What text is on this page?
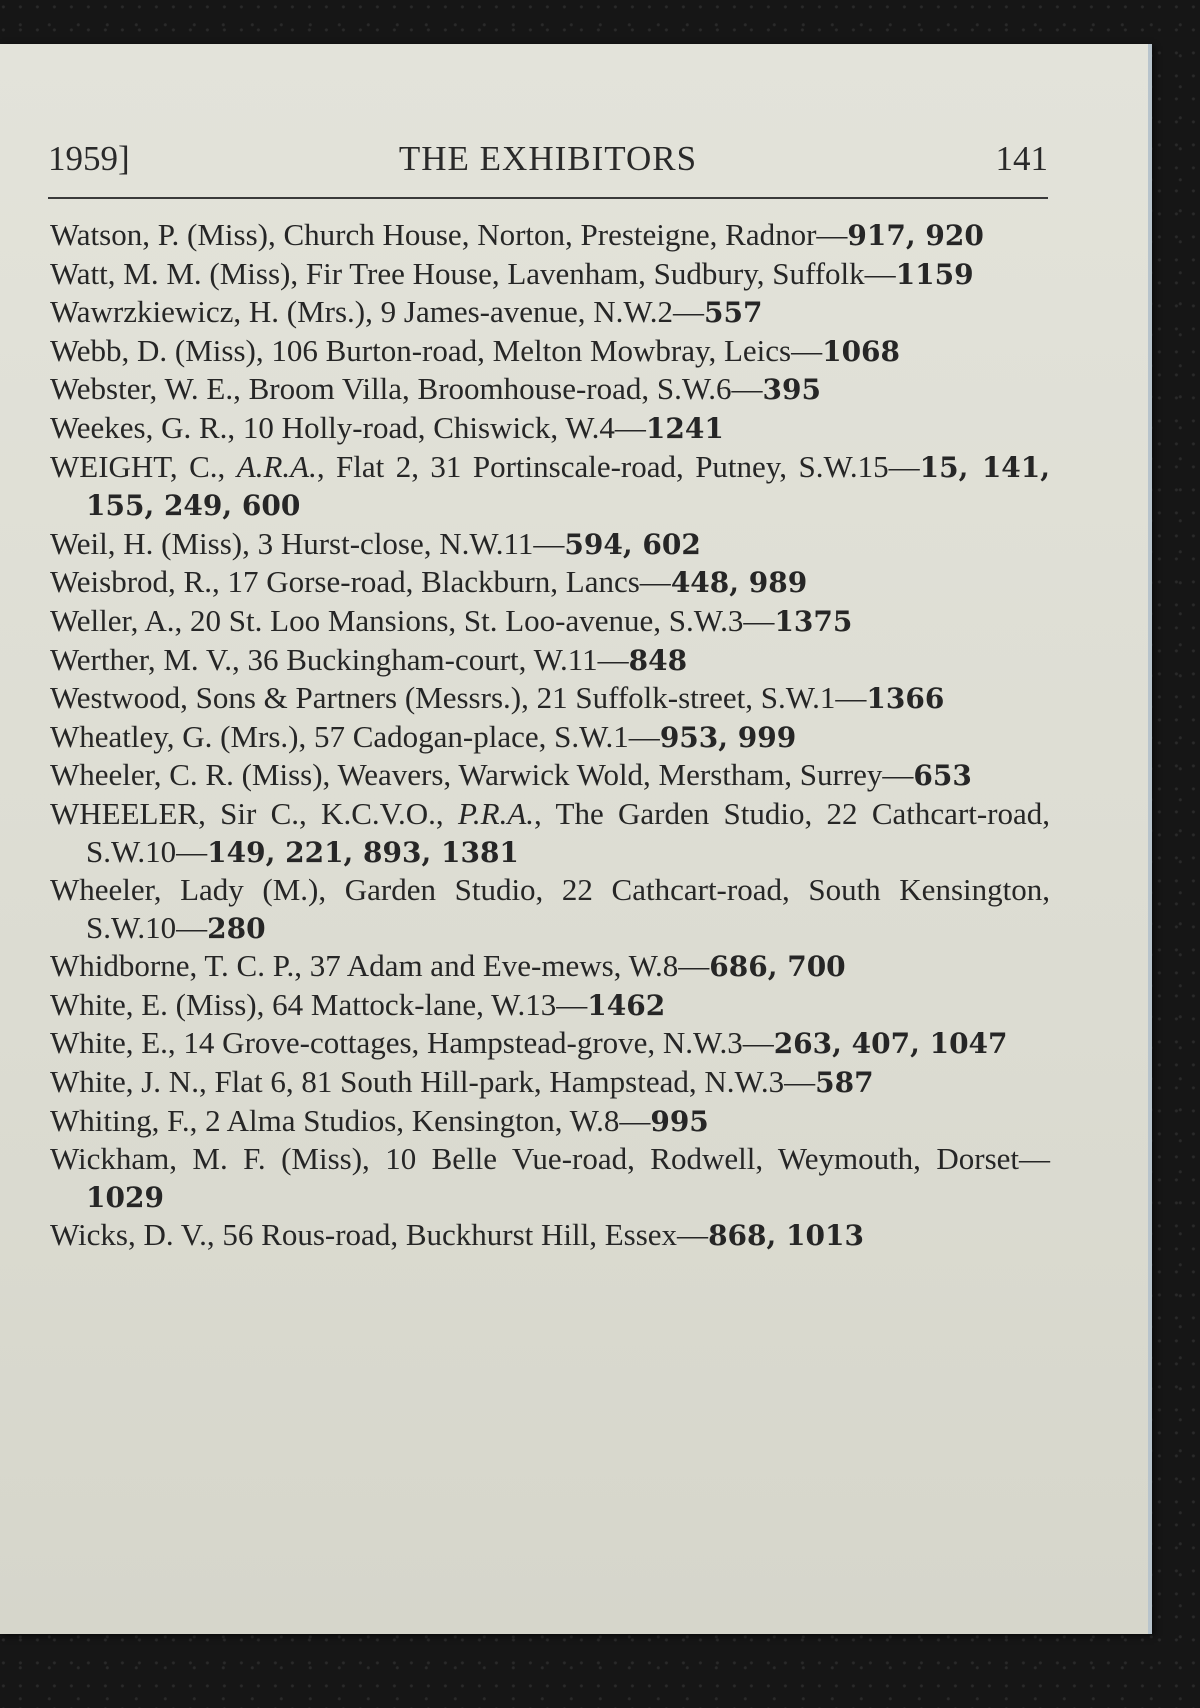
1959]	THE EXHIBITORS	141
Watson, P. (Miss), Church House, Norton, Presteigne, Radnor—917, 920
Watt, M. M. (Miss), Fir Tree House, Lavenham, Sudbury, Suffolk—1159
Wawrzkiewicz, H. (Mrs.), 9 James-avenue, N.W.2—557
Webb, D. (Miss), 106 Burton-road, Melton Mowbray, Leics—1068
Webster, W. E., Broom Villa, Broomhouse-road, S.W.6—395
Weekes, G. R., 10 Holly-road, Chiswick, W.4—1241
WEIGHT, C., A.R.A., Flat 2, 31 Portinscale-road, Putney, S.W.15—15, 141, 155, 249, 600
Weil, H. (Miss), 3 Hurst-close, N.W.11—594, 602
Weisbrod, R., 17 Gorse-road, Blackburn, Lancs—448, 989
Weller, A., 20 St. Loo Mansions, St. Loo-avenue, S.W.3—1375
Werther, M. V., 36 Buckingham-court, W.11—848
Westwood, Sons & Partners (Messrs.), 21 Suffolk-street, S.W.1—1366
Wheatley, G. (Mrs.), 57 Cadogan-place, S.W.1—953, 999
Wheeler, C. R. (Miss), Weavers, Warwick Wold, Merstham, Surrey—653
WHEELER, Sir C., K.C.V.O., P.R.A., The Garden Studio, 22 Cathcart-road, S.W.10—149, 221, 893, 1381
Wheeler, Lady (M.), Garden Studio, 22 Cathcart-road, South Kensington, S.W.10—280
Whidborne, T. C. P., 37 Adam and Eve-mews, W.8—686, 700
White, E. (Miss), 64 Mattock-lane, W.13—1462
White, E., 14 Grove-cottages, Hampstead-grove, N.W.3—263, 407, 1047
White, J. N., Flat 6, 81 South Hill-park, Hampstead, N.W.3—587
Whiting, F., 2 Alma Studios, Kensington, W.8—995
Wickham, M. F. (Miss), 10 Belle Vue-road, Rodwell, Weymouth, Dorset—1029
Wicks, D. V., 56 Rous-road, Buckhurst Hill, Essex—868, 1013
